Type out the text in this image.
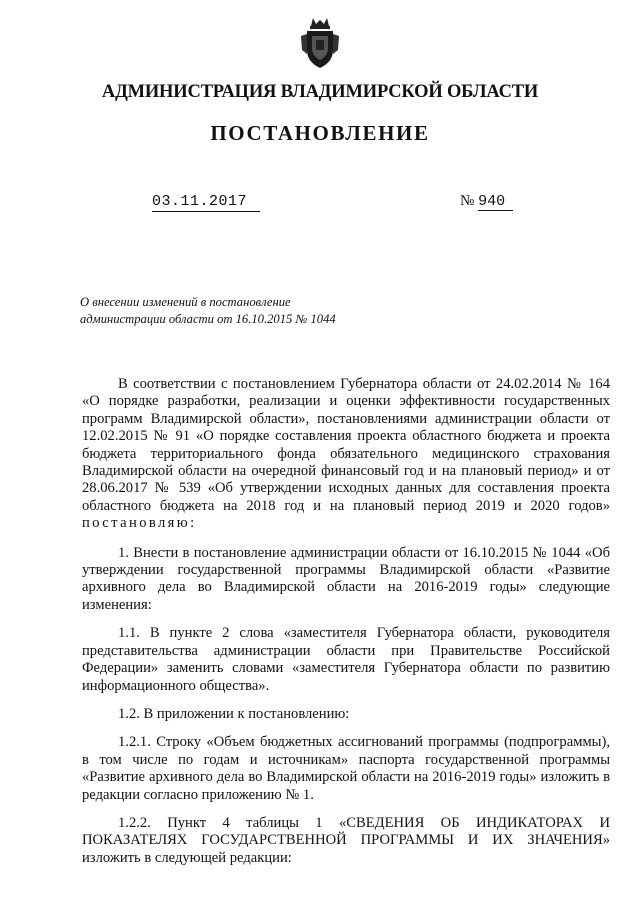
АДМИНИСТРАЦИЯ ВЛАДИМИРСКОЙ ОБЛАСТИ
ПОСТАНОВЛЕНИЕ
03.11.2017	№ 940
О внесении изменений в постановление
администрации области от 16.10.2015 № 1044

В соответствии с постановлением Губернатора области от 24.02.2014 № 164 «О порядке разработки, реализации и оценки эффективности государственных программ Владимирской области», постановлениями администрации области от 12.02.2015 № 91 «О порядке составления проекта областного бюджета и проекта бюджета территориального фонда обязательного медицинского страхования Владимирской области на очередной финансовый год и на плановый период» и от 28.06.2017 № 539 «Об утверждении исходных данных для составления проекта областного бюджета на 2018 год и на плановый период 2019 и 2020 годов» постановляю:

1. Внести в постановление администрации области от 16.10.2015 № 1044 «Об утверждении государственной программы Владимирской области «Развитие архивного дела во Владимирской области на 2016-2019 годы» следующие изменения:

1.1. В пункте 2 слова «заместителя Губернатора области, руководителя представительства администрации области при Правительстве Российской Федерации» заменить словами «заместителя Губернатора области по развитию информационного общества».

1.2. В приложении к постановлению:

1.2.1. Строку «Объем бюджетных ассигнований программы (подпрограммы), в том числе по годам и источникам» паспорта государственной программы «Развитие архивного дела во Владимирской области на 2016-2019 годы» изложить в редакции согласно приложению № 1.

1.2.2. Пункт 4 таблицы 1 «СВЕДЕНИЯ ОБ ИНДИКАТОРАХ И ПОКАЗАТЕЛЯХ ГОСУДАРСТВЕННОЙ ПРОГРАММЫ И ИХ ЗНАЧЕНИЯ» изложить в следующей редакции:
